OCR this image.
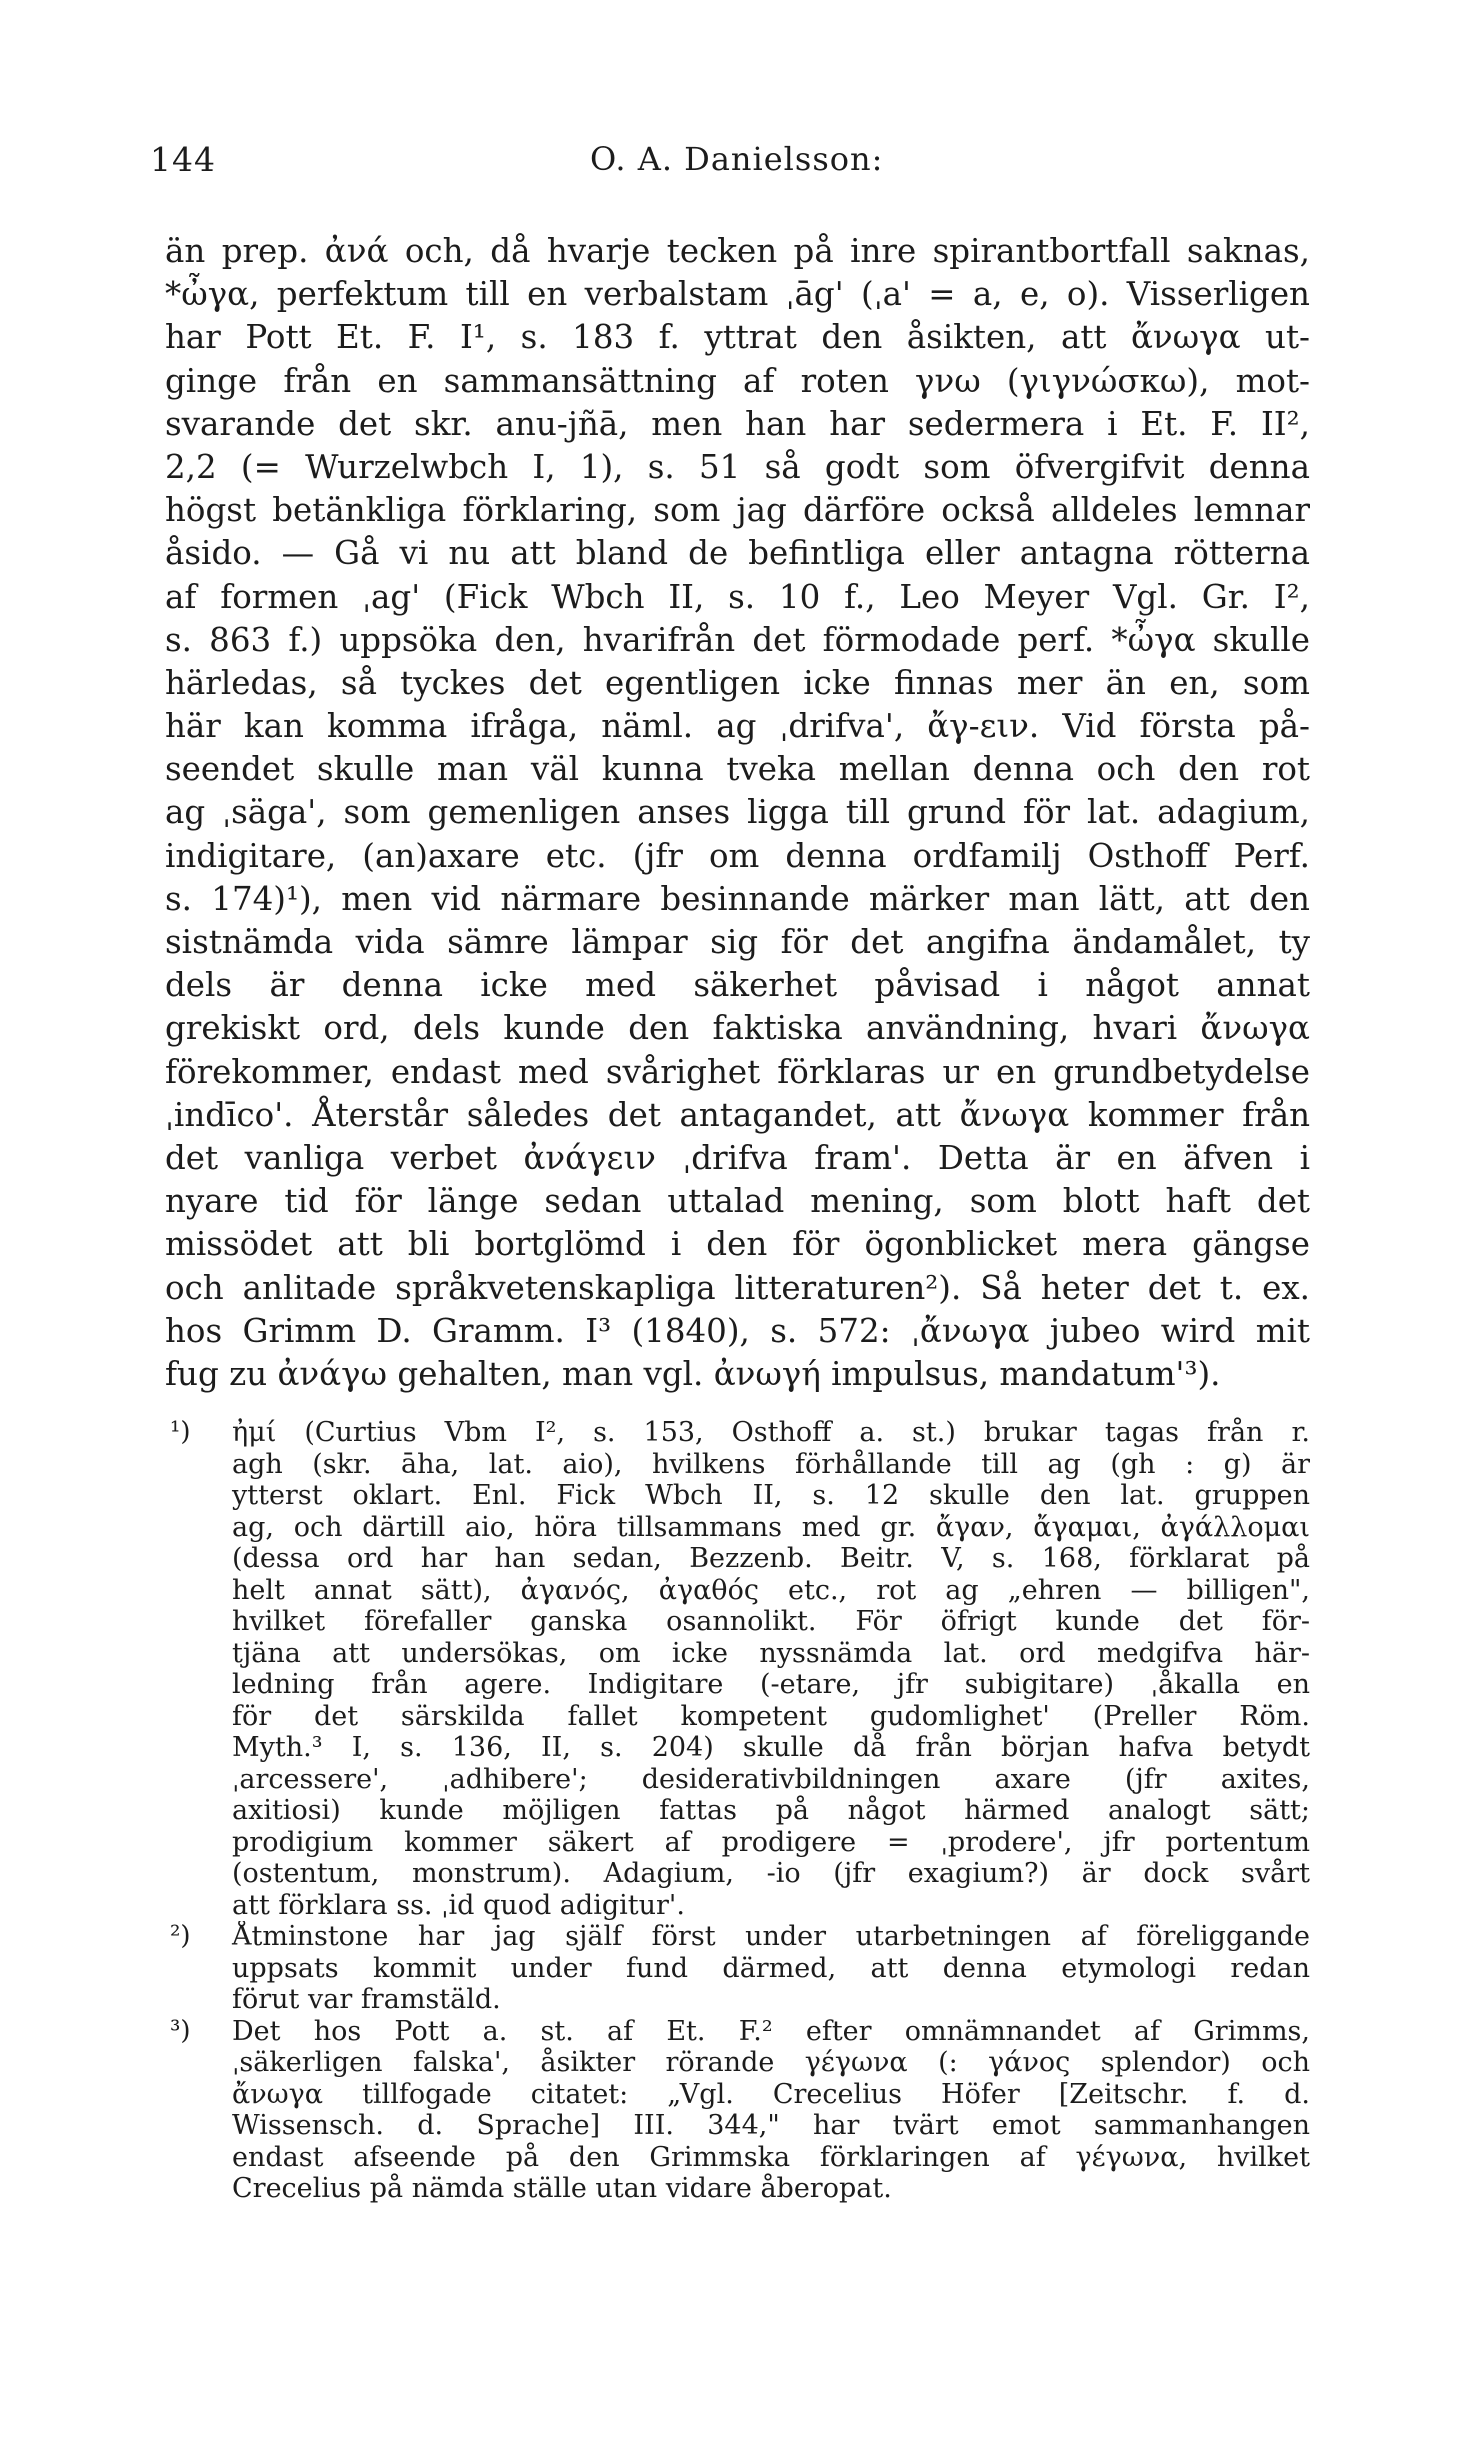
144	O. A. Danielsson:
än prep. ἀνά och, då hvarje tecken på inre spirantbortfall saknas,
*ὦγα, perfektum till en verbalstam ˌāg' (ˌa' = a, e, o). Visserligen
har Pott Et. F. I¹, s. 183 f. yttrat den åsikten, att ἄνωγα ut-
ginge från en sammansättning af roten γνω (γιγνώσκω), mot-
svarande det skr. anu-jñā, men han har sedermera i Et. F. II²,
2,2 (= Wurzelwbch I, 1), s. 51 så godt som öfvergifvit denna
högst betänkliga förklaring, som jag därföre också alldeles lemnar
åsido. — Gå vi nu att bland de befintliga eller antagna rötterna
af formen ˌag' (Fick Wbch II, s. 10 f., Leo Meyer Vgl. Gr. I²,
s. 863 f.) uppsöka den, hvarifrån det förmodade perf. *ὦγα skulle
härledas, så tyckes det egentligen icke finnas mer än en, som
här kan komma ifråga, näml. ag ˌdrifva', ἄγ-ειν. Vid första på-
seendet skulle man väl kunna tveka mellan denna och den rot
ag ˌsäga', som gemenligen anses ligga till grund för lat. adagium,
indigitare, (an)axare etc. (jfr om denna ordfamilj Osthoff Perf.
s. 174)¹), men vid närmare besinnande märker man lätt, att den
sistnämda vida sämre lämpar sig för det angifna ändamålet, ty
dels är denna icke med säkerhet påvisad i något annat
grekiskt ord, dels kunde den faktiska användning, hvari ἄνωγα
förekommer, endast med svårighet förklaras ur en grundbetydelse
ˌindīco'. Återstår således det antagandet, att ἄνωγα kommer från
det vanliga verbet ἀνάγειν ˌdrifva fram'. Detta är en äfven i
nyare tid för länge sedan uttalad mening, som blott haft det
missödet att bli bortglömd i den för ögonblicket mera gängse
och anlitade språkvetenskapliga litteraturen²). Så heter det t. ex.
hos Grimm D. Gramm. I³ (1840), s. 572: ˌἄνωγα jubeo wird mit
fug zu ἀνάγω gehalten, man vgl. ἀνωγή impulsus, mandatum'³).
¹)	ἠμί (Curtius Vbm I², s. 153, Osthoff a. st.) brukar tagas från r.
agh (skr. āha, lat. aio), hvilkens förhållande till ag (gh : g) är
ytterst oklart. Enl. Fick Wbch II, s. 12 skulle den lat. gruppen
ag, och därtill aio, höra tillsammans med gr. ἄγαν, ἄγαμαι, ἀγάλλομαι
(dessa ord har han sedan, Bezzenb. Beitr. V, s. 168, förklarat på
helt annat sätt), ἀγανός, ἀγαθός etc., rot ag „ehren — billigen",
hvilket förefaller ganska osannolikt. För öfrigt kunde det för-
tjäna att undersökas, om icke nyssnämda lat. ord medgifva här-
ledning från agere. Indigitare (-etare, jfr subigitare) ˌåkalla en
för det särskilda fallet kompetent gudomlighet' (Preller Röm.
Myth.³ I, s. 136, II, s. 204) skulle då från början hafva betydt
ˌarcessere', ˌadhibere'; desiderativbildningen axare (jfr axites,
axitiosi) kunde möjligen fattas på något härmed analogt sätt;
prodigium kommer säkert af prodigere = ˌprodere', jfr portentum
(ostentum, monstrum). Adagium, -io (jfr exagium?) är dock svårt
att förklara ss. ˌid quod adigitur'.
²)	Åtminstone har jag själf först under utarbetningen af föreliggande
uppsats kommit under fund därmed, att denna etymologi redan
förut var framstäld.
³)	Det hos Pott a. st. af Et. F.² efter omnämnandet af Grimms,
ˌsäkerligen falska', åsikter rörande γέγωνα (: γάνος splendor) och
ἄνωγα tillfogade citatet: „Vgl. Crecelius Höfer [Zeitschr. f. d.
Wissensch. d. Sprache] III. 344," har tvärt emot sammanhangen
endast afseende på den Grimmska förklaringen af γέγωνα, hvilket
Crecelius på nämda ställe utan vidare åberopat.
